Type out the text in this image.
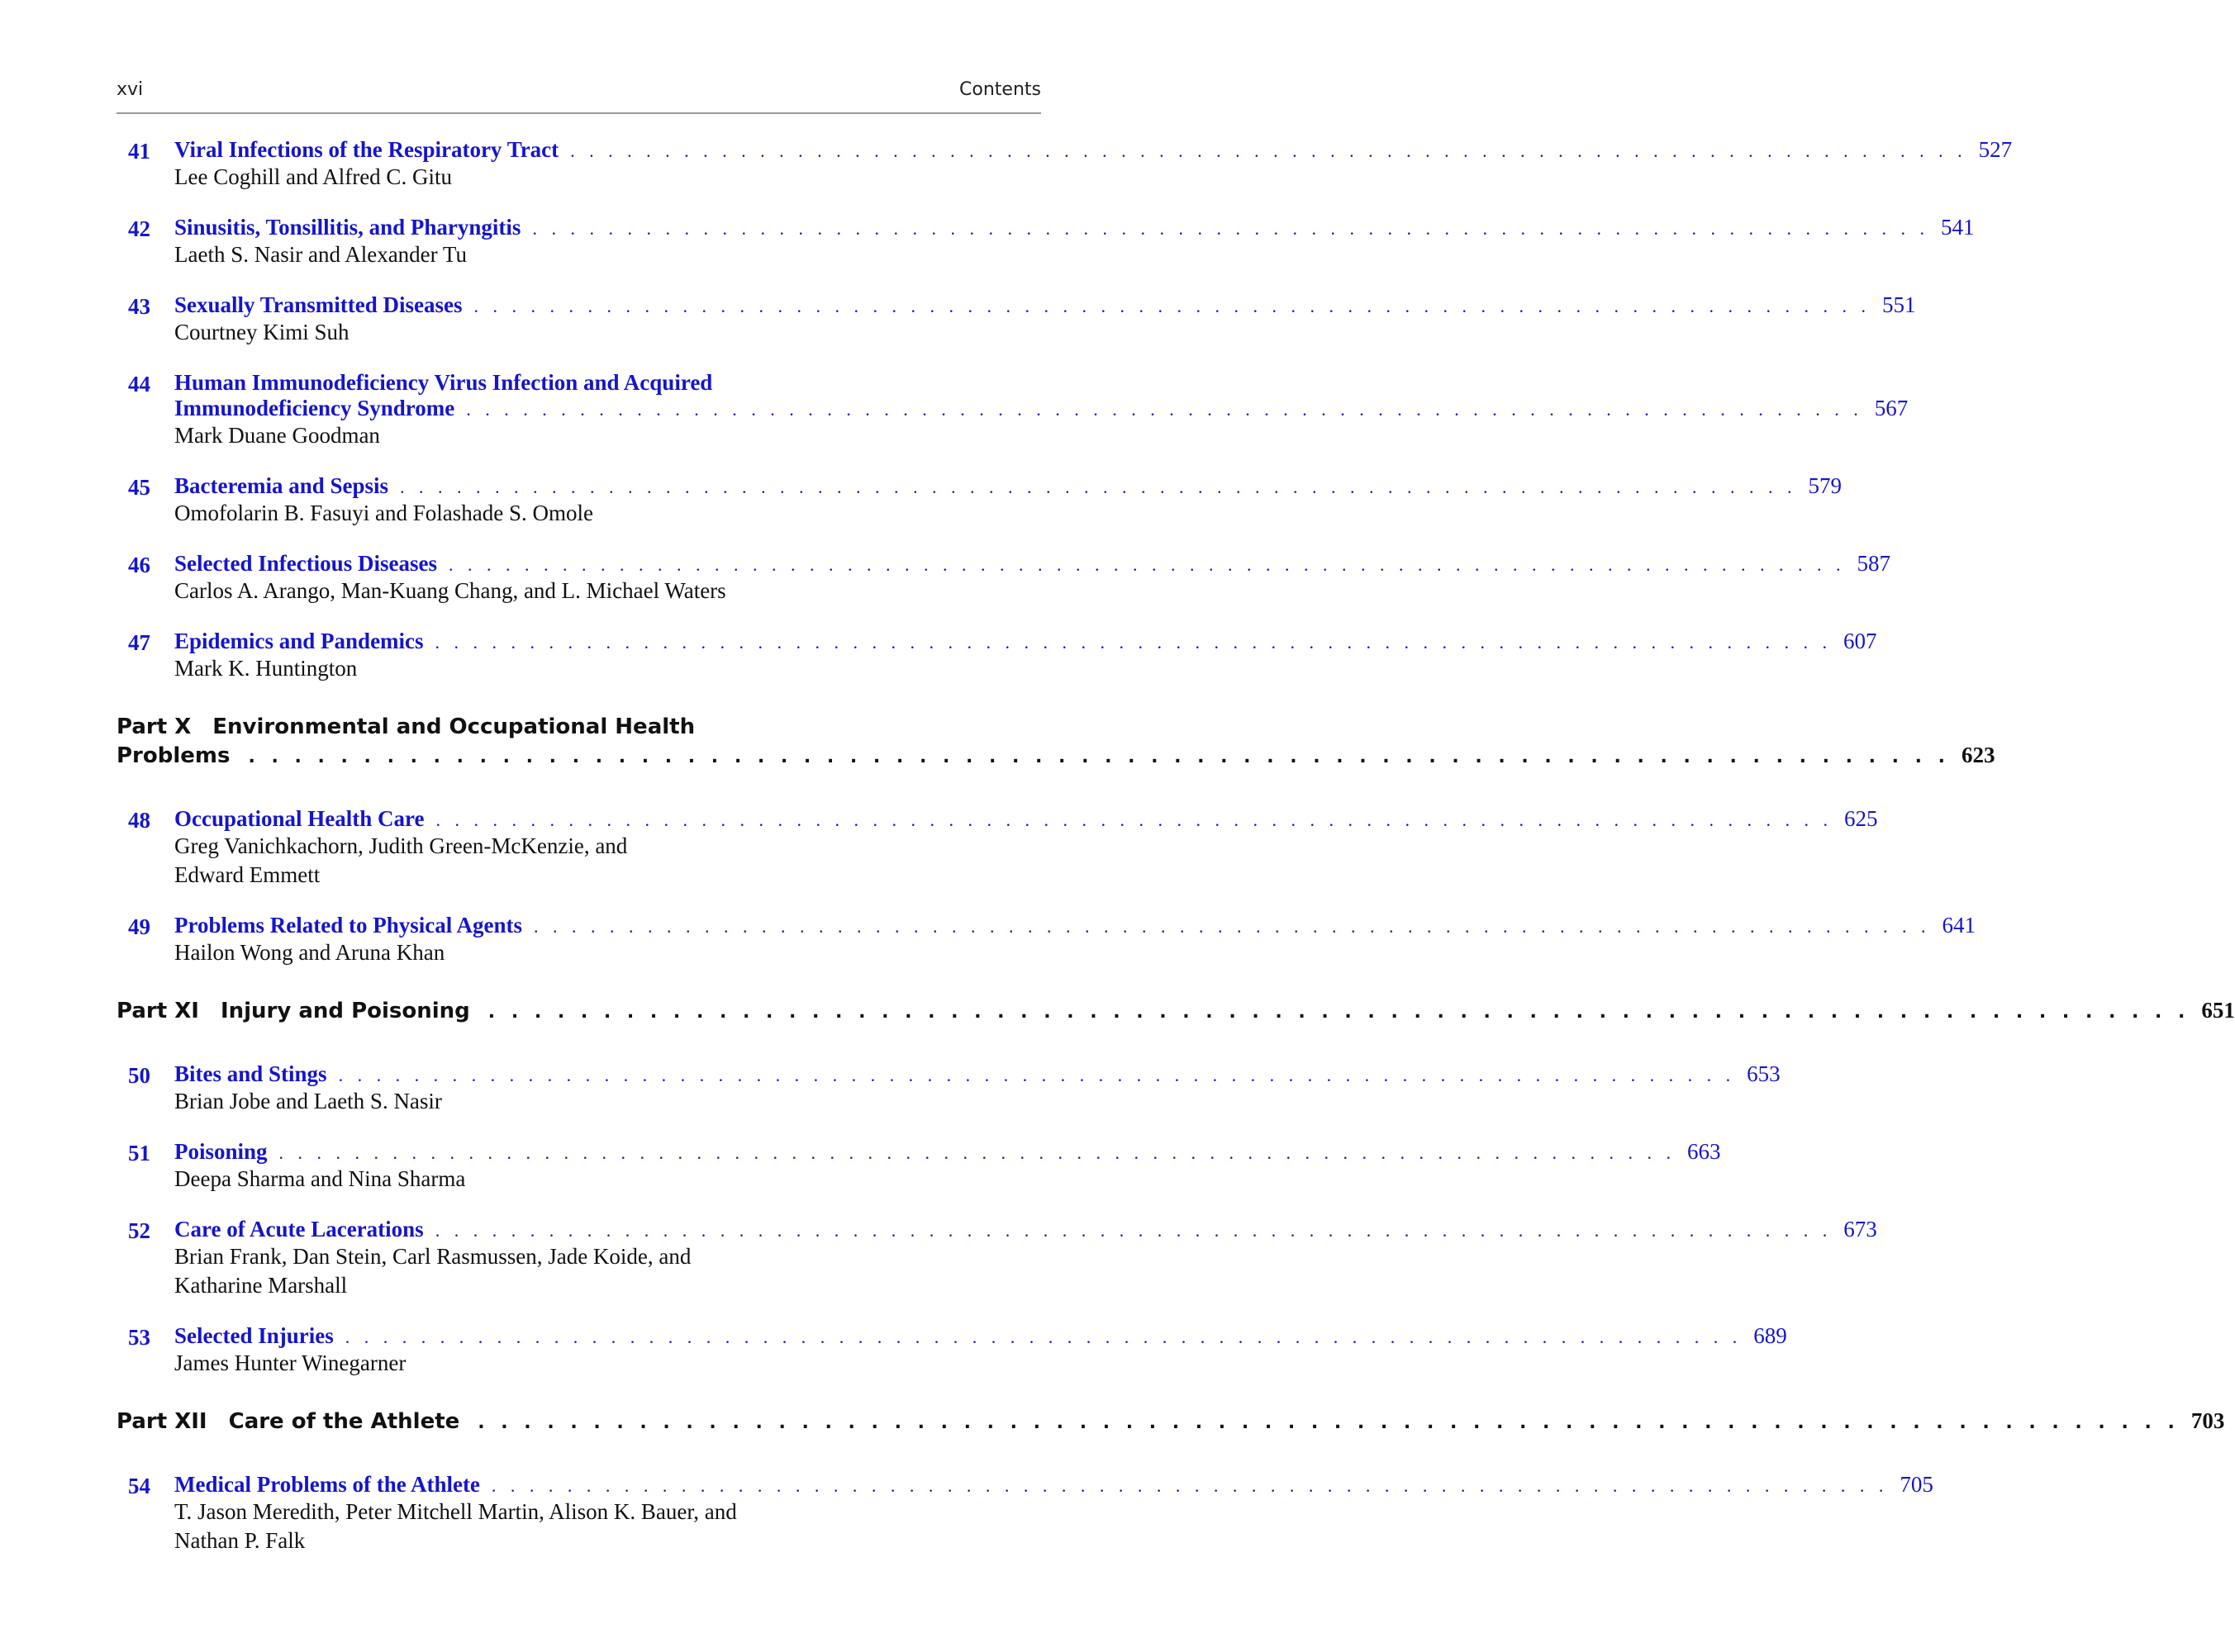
xvi	Contents
41	Viral Infections of the Respiratory Tract . . . . . . . . . . . . . . . . . . . . . . . . . . . . . . . . . . . . . . . . . . . . . . . . . . . . . . . . . . . . . . . . . . . . . . . . . . 527
Lee Coghill and Alfred C. Gitu
42	Sinusitis, Tonsillitis, and Pharyngitis . . . . . . . . . . . . . . . . . . . . . . . . . . . . . . . . . . . . . . . . . . . . . . . . . . . . . . . . . . . . . . . . . . . . . . . . . . 541
Laeth S. Nasir and Alexander Tu
43	Sexually Transmitted Diseases . . . . . . . . . . . . . . . . . . . . . . . . . . . . . . . . . . . . . . . . . . . . . . . . . . . . . . . . . . . . . . . . . . . . . . . . . . 551
Courtney Kimi Suh
44	Human Immunodeficiency Virus Infection and Acquired
Immunodeficiency Syndrome . . . . . . . . . . . . . . . . . . . . . . . . . . . . . . . . . . . . . . . . . . . . . . . . . . . . . . . . . . . . . . . . . . . . . . . . . . 567
Mark Duane Goodman
45	Bacteremia and Sepsis . . . . . . . . . . . . . . . . . . . . . . . . . . . . . . . . . . . . . . . . . . . . . . . . . . . . . . . . . . . . . . . . . . . . . . . . . . 579
Omofolarin B. Fasuyi and Folashade S. Omole
46	Selected Infectious Diseases . . . . . . . . . . . . . . . . . . . . . . . . . . . . . . . . . . . . . . . . . . . . . . . . . . . . . . . . . . . . . . . . . . . . . . . . . . 587
Carlos A. Arango, Man-Kuang Chang, and L. Michael Waters
47	Epidemics and Pandemics . . . . . . . . . . . . . . . . . . . . . . . . . . . . . . . . . . . . . . . . . . . . . . . . . . . . . . . . . . . . . . . . . . . . . . . . . . 607
Mark K. Huntington
Part X Environmental and Occupational Health
Problems . . . . . . . . . . . . . . . . . . . . . . . . . . . . . . . . . . . . . . . . . . . . . . . . . . . . . . . . . . . . . . . . . . . . . . . . . . 623
48	Occupational Health Care . . . . . . . . . . . . . . . . . . . . . . . . . . . . . . . . . . . . . . . . . . . . . . . . . . . . . . . . . . . . . . . . . . . . . . . . . . 625
Greg Vanichkachorn, Judith Green-McKenzie, and
Edward Emmett
49	Problems Related to Physical Agents . . . . . . . . . . . . . . . . . . . . . . . . . . . . . . . . . . . . . . . . . . . . . . . . . . . . . . . . . . . . . . . . . . . . . . . . . . 641
Hailon Wong and Aruna Khan
Part XI Injury and Poisoning . . . . . . . . . . . . . . . . . . . . . . . . . . . . . . . . . . . . . . . . . . . . . . . . . . . . . . . . . . . . . . . . . . . . . . . . . . 651
50	Bites and Stings . . . . . . . . . . . . . . . . . . . . . . . . . . . . . . . . . . . . . . . . . . . . . . . . . . . . . . . . . . . . . . . . . . . . . . . . . . 653
Brian Jobe and Laeth S. Nasir
51	Poisoning . . . . . . . . . . . . . . . . . . . . . . . . . . . . . . . . . . . . . . . . . . . . . . . . . . . . . . . . . . . . . . . . . . . . . . . . . . 663
Deepa Sharma and Nina Sharma
52	Care of Acute Lacerations . . . . . . . . . . . . . . . . . . . . . . . . . . . . . . . . . . . . . . . . . . . . . . . . . . . . . . . . . . . . . . . . . . . . . . . . . . 673
Brian Frank, Dan Stein, Carl Rasmussen, Jade Koide, and
Katharine Marshall
53	Selected Injuries . . . . . . . . . . . . . . . . . . . . . . . . . . . . . . . . . . . . . . . . . . . . . . . . . . . . . . . . . . . . . . . . . . . . . . . . . . 689
James Hunter Winegarner
Part XII Care of the Athlete . . . . . . . . . . . . . . . . . . . . . . . . . . . . . . . . . . . . . . . . . . . . . . . . . . . . . . . . . . . . . . . . . . . . . . . . . . 703
54	Medical Problems of the Athlete . . . . . . . . . . . . . . . . . . . . . . . . . . . . . . . . . . . . . . . . . . . . . . . . . . . . . . . . . . . . . . . . . . . . . . . . . . 705
T. Jason Meredith, Peter Mitchell Martin, Alison K. Bauer, and
Nathan P. Falk
